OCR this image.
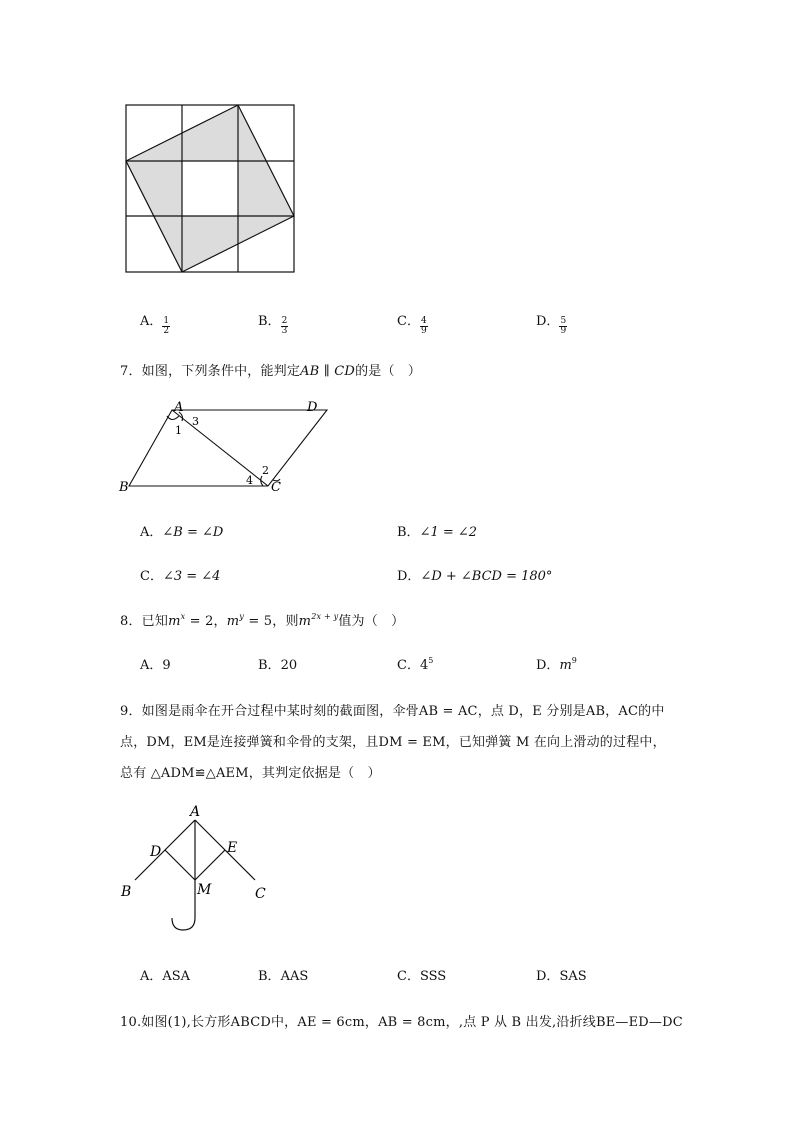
A． $\frac{1}{2}$	B． $\frac{2}{3}$	C． $\frac{4}{9}$	D． $\frac{5}{9}$
7．如图，下列条件中，能判定AB ∥ CD的是（　）
A	D
B	C
1
3
2
4
A．∠B = ∠D	B．∠1 = ∠2
C．∠3 = ∠4	D．∠D + ∠BCD = 180°
8．已知$m^x = 2$，$m^y = 5$，则$m^{2x + y}$值为（　）
A．9	B．20	C．$4^5$	D．$m^9$
9．如图是雨伞在开合过程中某时刻的截面图，伞骨AB = AC，点 D，E 分别是AB，AC的中
点，DM，EM是连接弹簧和伞骨的支架，且DM = EM，已知弹簧 M 在向上滑动的过程中，
总有 △ADM≌△AEM，其判定依据是（　）
A
D	E
B	C
M
A．ASA	B．AAS	C．SSS	D．SAS
10.如图(1),长方形ABCD中，AE = 6cm，AB = 8cm，,点 P 从 B 出发,沿折线BE—ED—DC
